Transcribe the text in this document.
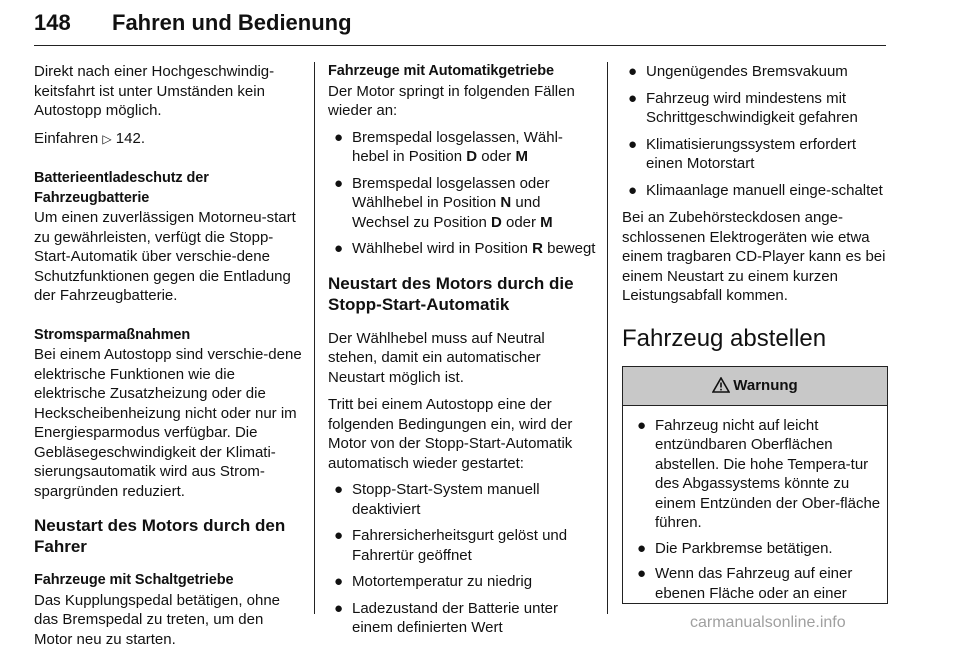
148 Fahren und Bedienung

Direkt nach einer Hochgeschwindig-keitsfahrt ist unter Umständen kein Autostopp möglich.

Einfahren ▷ 142.

Batterieentladeschutz der Fahrzeugbatterie

Um einen zuverlässigen Motorneu-start zu gewährleisten, verfügt die Stopp-Start-Automatik über verschie-dene Schutzfunktionen gegen die Entladung der Fahrzeugbatterie.

Stromsparmaßnahmen

Bei einem Autostopp sind verschie-dene elektrische Funktionen wie die elektrische Zusatzheizung oder die Heckscheibenheizung nicht oder nur im Energiesparmodus verfügbar. Die Gebläsegeschwindigkeit der Klimati-sierungsautomatik wird aus Strom-spargründen reduziert.

Neustart des Motors durch den Fahrer

Fahrzeuge mit Schaltgetriebe

Das Kupplungspedal betätigen, ohne das Bremspedal zu treten, um den Motor neu zu starten.

Fahrzeuge mit Automatikgetriebe

Der Motor springt in folgenden Fällen wieder an:

● Bremspedal losgelassen, Wähl-hebel in Position D oder M
● Bremspedal losgelassen oder Wählhebel in Position N und Wechsel zu Position D oder M
● Wählhebel wird in Position R bewegt

Neustart des Motors durch die Stopp-Start-Automatik

Der Wählhebel muss auf Neutral stehen, damit ein automatischer Neustart möglich ist.

Tritt bei einem Autostopp eine der folgenden Bedingungen ein, wird der Motor von der Stopp-Start-Automatik automatisch wieder gestartet:

● Stopp-Start-System manuell deaktiviert
● Fahrersicherheitsgurt gelöst und Fahrertür geöffnet
● Motortemperatur zu niedrig
● Ladezustand der Batterie unter einem definierten Wert
● Ungenügendes Bremsvakuum
● Fahrzeug wird mindestens mit Schrittgeschwindigkeit gefahren
● Klimatisierungssystem erfordert einen Motorstart
● Klimaanlage manuell einge-schaltet

Bei an Zubehörsteckdosen ange-schlossenen Elektrogeräten wie etwa einem tragbaren CD-Player kann es bei einem Neustart zu einem kurzen Leistungsabfall kommen.

Fahrzeug abstellen

Warnung
● Fahrzeug nicht auf leicht entzündbaren Oberflächen abstellen. Die hohe Tempera-tur des Abgassystems könnte zu einem Entzünden der Ober-fläche führen.
● Die Parkbremse betätigen.
● Wenn das Fahrzeug auf einer ebenen Fläche oder an einer
carmanualsonline.info
